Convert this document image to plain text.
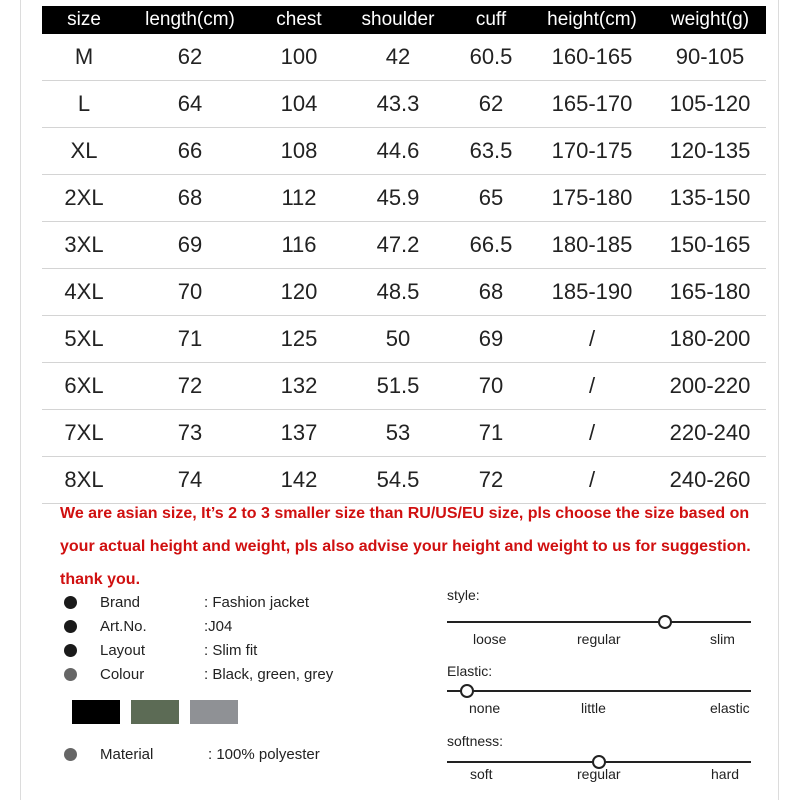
size	length(cm)	chest	shoulder	cuff	height(cm)	weight(g)
M	62	100	42	60.5	160-165	90-105
L	64	104	43.3	62	165-170	105-120
XL	66	108	44.6	63.5	170-175	120-135
2XL	68	112	45.9	65	175-180	135-150
3XL	69	116	47.2	66.5	180-185	150-165
4XL	70	120	48.5	68	185-190	165-180
5XL	71	125	50	69	/	180-200
6XL	72	132	51.5	70	/	200-220
7XL	73	137	53	71	/	220-240
8XL	74	142	54.5	72	/	240-260
We are asian size, It’s 2 to 3 smaller size than RU/US/EU size, pls choose the size based on
your actual height and weight, pls also advise your height and weight to us for suggestion.
thank you.
Brand	: Fashion jacket
Art.No.	:J04
Layout	: Slim fit
Colour	: Black, green, grey
Material	: 100% polyester
style:
loose	regular	slim
Elastic:
none	little	elastic
softness:
soft	regular	hard
